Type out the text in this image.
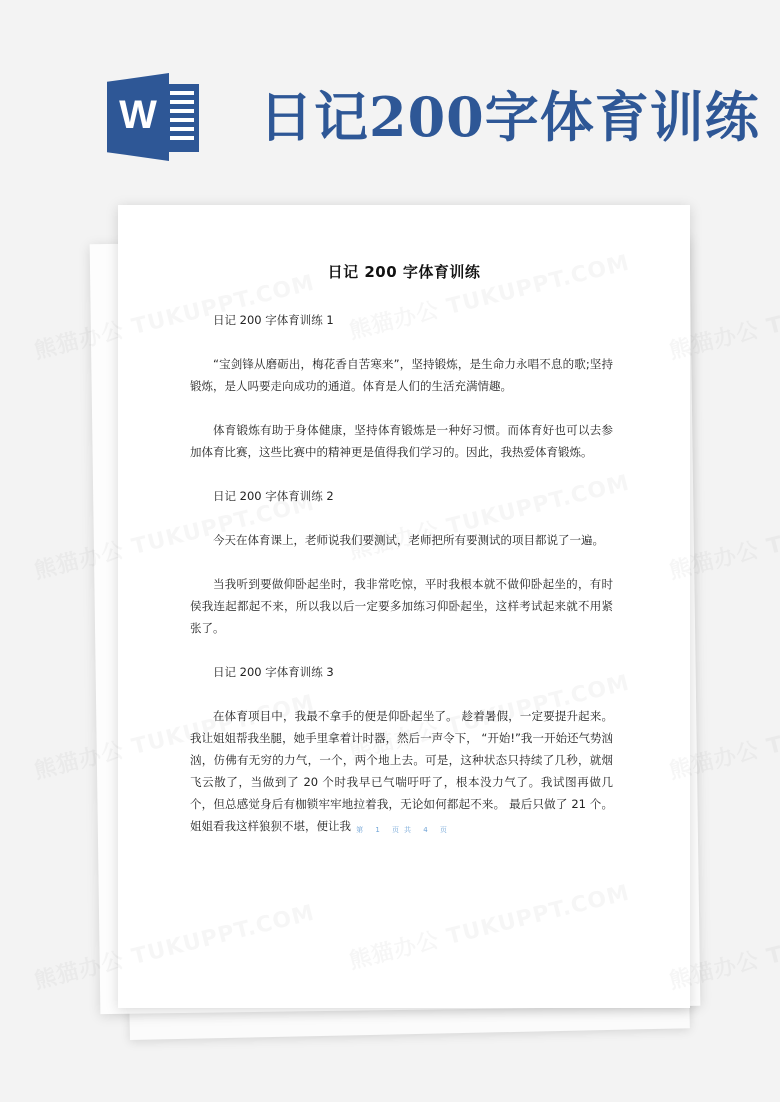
W 日记200字体育训练
日记 200 字体育训练
日记 200 字体育训练 1

“宝剑锋从磨砺出，梅花香自苦寒来”，坚持锻炼，是生命力永唱不息的歌;坚持锻炼，是人吗要走向成功的通道。体育是人们的生活充满情趣。

体育锻炼有助于身体健康，坚持体育锻炼是一种好习惯。而体育好也可以去参加体育比赛，这些比赛中的精神更是值得我们学习的。因此，我热爱体育锻炼。

日记 200 字体育训练 2

今天在体育课上，老师说我们要测试，老师把所有要测试的项目都说了一遍。

当我听到要做仰卧起坐时，我非常吃惊，平时我根本就不做仰卧起坐的，有时侯我连起都起不来，所以我以后一定要多加练习仰卧起坐，这样考试起来就不用紧张了。

日记 200 字体育训练 3

在体育项目中，我最不拿手的便是仰卧起坐了。 趁着暑假，一定要提升起来。我让姐姐帮我坐腿，她手里拿着计时器，然后一声令下， “开始!”我一开始还气势汹汹，仿佛有无穷的力气，一个，两个地上去。可是，这种状态只持续了几秒，就烟飞云散了，当做到了 20 个时我早已气喘吁吁了，根本没力气了。我试图再做几个，但总感觉身后有枷锁牢牢地拉着我，无论如何都起不来。 最后只做了 21 个。姐姐看我这样狼狈不堪，便让我 第 1 页共 4 页
